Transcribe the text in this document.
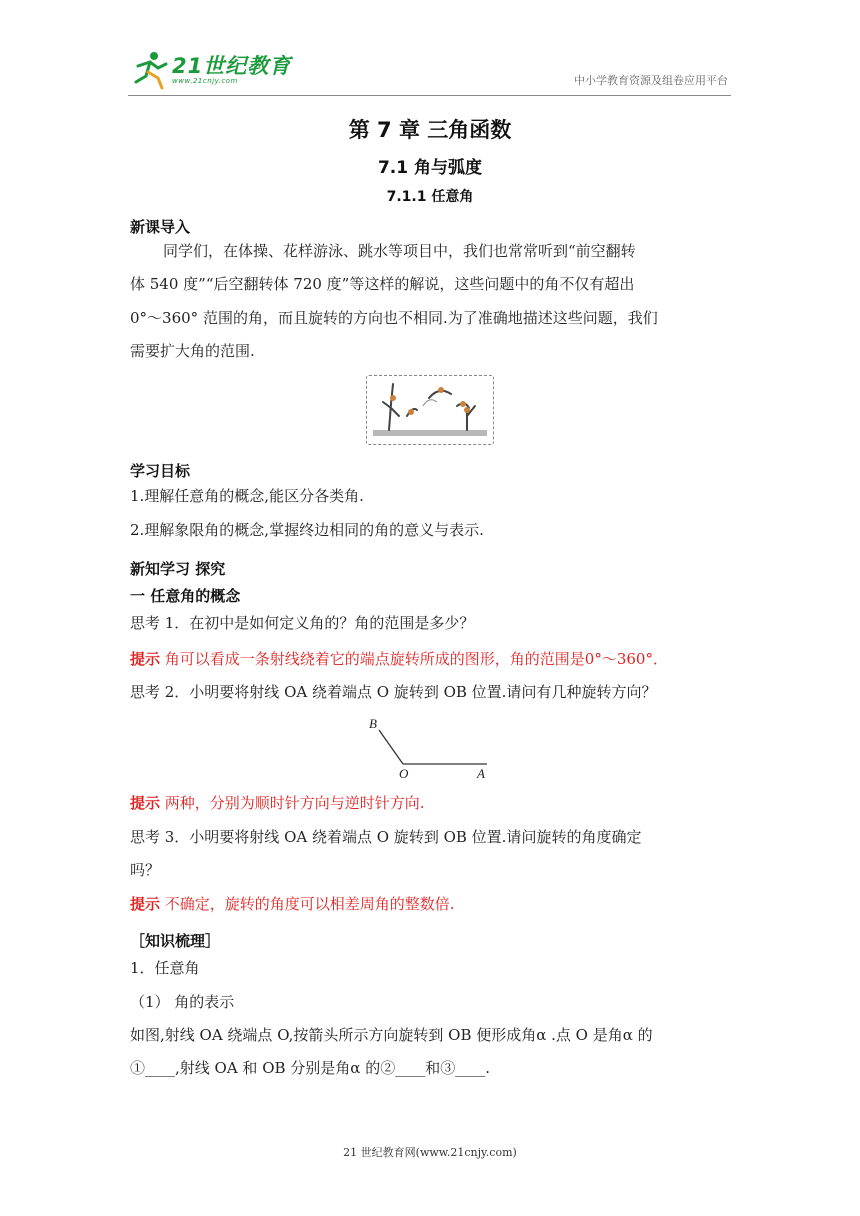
21世纪教育
www.21cnjy.com	中小学教育资源及组卷应用平台
第 7 章 三角函数
7.1 角与弧度
7.1.1 任意角
新课导入
同学们，在体操、花样游泳、跳水等项目中，我们也常常听到“前空翻转
体 540 度”“后空翻转体 720 度”等这样的解说，这些问题中的角不仅有超出
0°～360° 范围的角，而且旋转的方向也不相同.为了准确地描述这些问题，我们
需要扩大角的范围.
学习目标
1.理解任意角的概念,能区分各类角.
2.理解象限角的概念,掌握终边相同的角的意义与表示.
新知学习 探究
一 任意角的概念
思考 1．在初中是如何定义角的？角的范围是多少？
提示 角可以看成一条射线绕着它的端点旋转所成的图形，角的范围是0°～360°．
思考 2．小明要将射线 OA 绕着端点 O 旋转到 OB 位置.请问有几种旋转方向？
B
O	A
提示 两种，分别为顺时针方向与逆时针方向.
思考 3．小明要将射线 OA 绕着端点 O 旋转到 OB 位置.请问旋转的角度确定
吗？
提示 不确定，旋转的角度可以相差周角的整数倍.
［知识梳理］
1．任意角
（1） 角的表示
如图,射线 OA 绕端点 O,按箭头所示方向旋转到 OB 便形成角α .点 O 是角α 的
①____,射线 OA 和 OB 分别是角α 的②____和③____.
21 世纪教育网(www.21cnjy.com)
